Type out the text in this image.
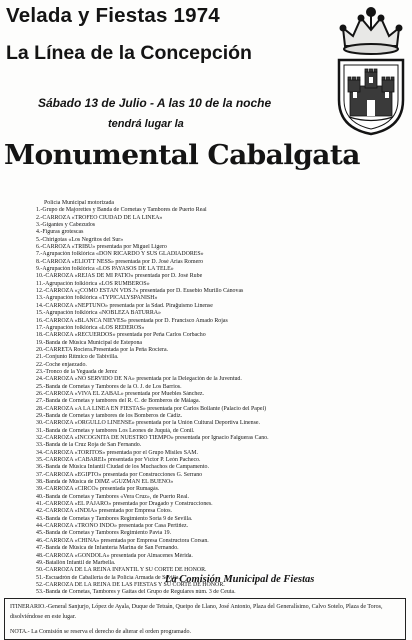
Velada y Fiestas 1974
La Línea de la Concepción
Sábado 13 de Julio - A las 10 de la noche
tendrá lugar la
Monumental Cabalgata
Policía Municipal motorizada
1.-Grupo de Majorettes y Banda de Cornetas y Tambores de Puerto Real
2.-CARROZA «TROFEO CIUDAD DE LA LÍNEA»
3.-Gigantes y Cabezudos
4.-Figuras grotescas
5.-Chirigotas «Los Negritos del Sur»
6.-CARROZA «TRIBU» presentada por Miguel Ligero
7.-Agrupación folklórica «DON RICARDO Y SUS GLADIADORES»
8.-CARROZA «ELIOTT NESS» presentada por D. José Arias Romero
9.-Agrupación folklórica «LOS PAYASOS DE LA TELE»
10.-CARROZA «REJAS DE MI PATIO» presentada por D. José Rube
11.-Agrupación folklórica «LOS RUMBEROS»
12.-CARROZA «¿CÓMO ESTÁN VDS.?» presentada por D. Eusebio Murillo Cánovas
13.-Agrupación folklórica «TYPICALYSPANISH»
14.-CARROZA «NEPTUNO» presentada por la Sdad. Pirağuismo Linense
15.-Agrupación folklórica «NOBLEZA BATURRA»
16.-CARROZA «BLANCA NIEVES» presentada por D. Francisco Amado Rojas
17.-Agrupación folklórica «LOS REDEROS»
18.-CARROZA «RECUERDOS» presentada por Peña Carlos Corbacho
19.-Banda de Música Municipal de Estepona
20.-CARRETA Rociera.Presentada por la Peña Rociera.
21.-Conjunto Rítmico de Tabivilla.
22.-Coche enjaezado.
23.-Tronco de la Yeguada de Jerez
24.-CARROZA «NO SERVIDO DE NA» presentada por la Delegación de la Juventud.
25.-Banda de Cornetas y Tambores de la O. J. de Los Barrios.
26.-CARROZA «VIVA EL ZABAL» presentada por Muebles Sánchez.
27.-Banda de Cornetas y tambores del R. C. de Bomberos de Málaga.
28.-CARROZA «A LA LÍNEA EN FIESTAS» presentada por Carlos Bollante (Palacio del Papel)
29.-Banda de Cornetas y tambores de los Bomberos de Cádiz.
30.-CARROZA «ORGULLO LINENSE» presentada por la Unión Cultural Deportiva Linense.
31.-Banda de Cornetas y tambores Los Leones de Juquiá, de Conil.
32.-CARROZA «INCÓGNITA DE NUESTRO TIEMPO» presentada por Ignacio Falgueras Cano.
33.-Banda de la Cruz Roja de San Fernando.
34.-CARROZA «TORITOS» presentada por el Grupo Misiles SAM.
35.-CARROZA «CABAREI» presentada por Víctor P. León Pacheco.
36.-Banda de Música Infantil Ciudad de los Muchachos de Campamento.
37.-CARROZA «EGIPTO» presentada por Construcciones G. Serrano
38.-Banda de Música de DIMZ «GUZMÁN EL BUENO»
39.-CARROZA «CIRCO» presentada por Rumagás.
40.-Banda de Cornetas y Tambores «Vera Cruz», de Puerto Real.
41.-CARROZA «EL PÁJARO» presentada por Dragado y Construcciones.
42.-CARROZA «INDIA» presentada por Empresa Cotos.
43.-Banda de Cornetas y Tambores Regimiento Soria 9 de Sevilla.
44.-CARROZA «TRONO INDO» presentada por Casa Pertiñez.
45.-Banda de Cornetas y Tambores Regimiento Pavía 19.
46.-CARROZA «CHINA» presentada por Empresa Constructora Corsan.
47.-Banda de Música de Infantería Marina de San Fernando.
48.-CARROZA «GONDOLA» presentada por Almacenes Mérida.
49.-Batallón Infantil de Marbella.
50.-CARROZA DE LA REINA INFANTIL Y SU CORTE DE HONOR.
51.-Escuadrón de Caballería de la Policía Armada de Sevilla.
52.-CARROZA DE LA REINA DE LAS FIESTAS Y SU CORTE DE HONOR.
53.-Banda de Cornetas, Tambores y Gaitas del Grupo de Regulares núm. 3 de Ceuta.
La Comisión Municipal de Fiestas
ITINERARIO.-General Sanjurjo, López de Ayala, Duque de Tetuán, Queipo de Llano, José Antonio, Plaza del Generalísimo, Calvo Sotelo, Plaza de Toros, disolviéndose en este lugar.
NOTA.- La Comisión se reserva el derecho de alterar el orden programado.
